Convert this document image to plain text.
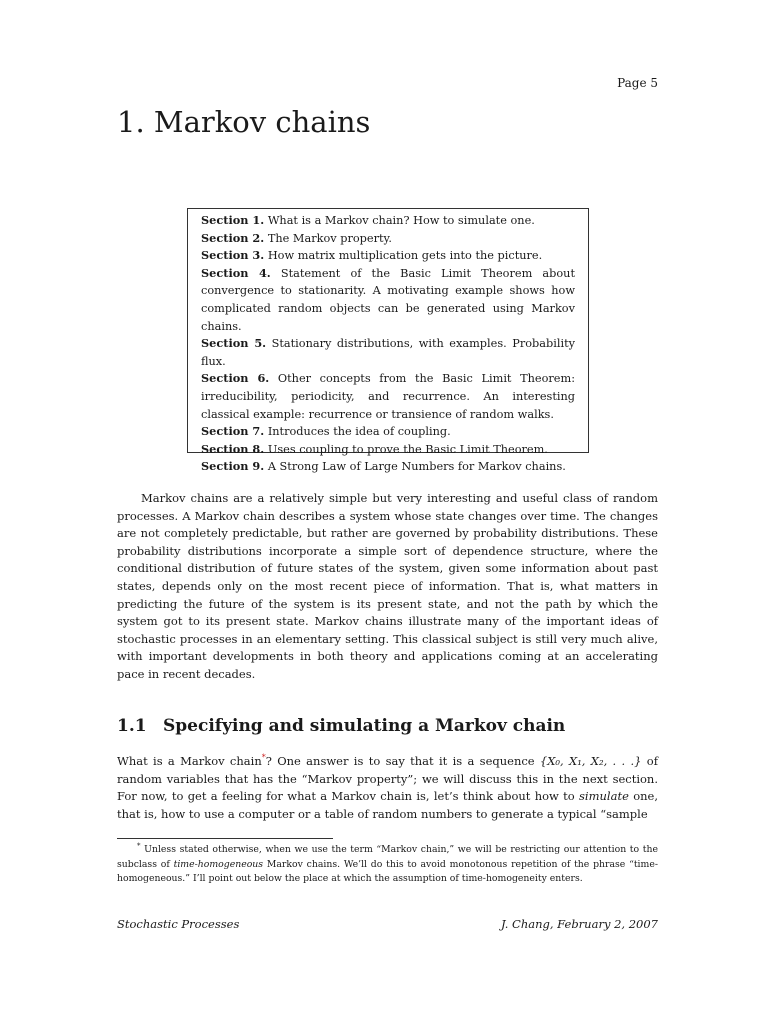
Page 5
1. Markov chains
Section 1. What is a Markov chain? How to simulate one.
Section 2. The Markov property.
Section 3. How matrix multiplication gets into the picture.
Section 4. Statement of the Basic Limit Theorem about convergence to stationarity. A motivating example shows how complicated random objects can be generated using Markov chains.
Section 5. Stationary distributions, with examples. Probability flux.
Section 6. Other concepts from the Basic Limit Theorem: irreducibility, periodicity, and recurrence. An interesting classical example: recurrence or transience of random walks.
Section 7. Introduces the idea of coupling.
Section 8. Uses coupling to prove the Basic Limit Theorem.
Section 9. A Strong Law of Large Numbers for Markov chains.

Markov chains are a relatively simple but very interesting and useful class of random processes. A Markov chain describes a system whose state changes over time. The changes are not completely predictable, but rather are governed by probability distributions. These probability distributions incorporate a simple sort of dependence structure, where the conditional distribution of future states of the system, given some information about past states, depends only on the most recent piece of information. That is, what matters in predicting the future of the system is its present state, and not the path by which the system got to its present state. Markov chains illustrate many of the important ideas of stochastic processes in an elementary setting. This classical subject is still very much alive, with important developments in both theory and applications coming at an accelerating pace in recent decades.

1.1 Specifying and simulating a Markov chain

What is a Markov chain*? One answer is to say that it is a sequence {X₀, X₁, X₂, . . .} of random variables that has the “Markov property”; we will discuss this in the next section. For now, to get a feeling for what a Markov chain is, let’s think about how to simulate one, that is, how to use a computer or a table of random numbers to generate a typical “sample

* Unless stated otherwise, when we use the term “Markov chain,” we will be restricting our attention to the subclass of time-homogeneous Markov chains. We’ll do this to avoid monotonous repetition of the phrase “time-homogeneous.” I’ll point out below the place at which the assumption of time-homogeneity enters.

Stochastic Processes	J. Chang, February 2, 2007
